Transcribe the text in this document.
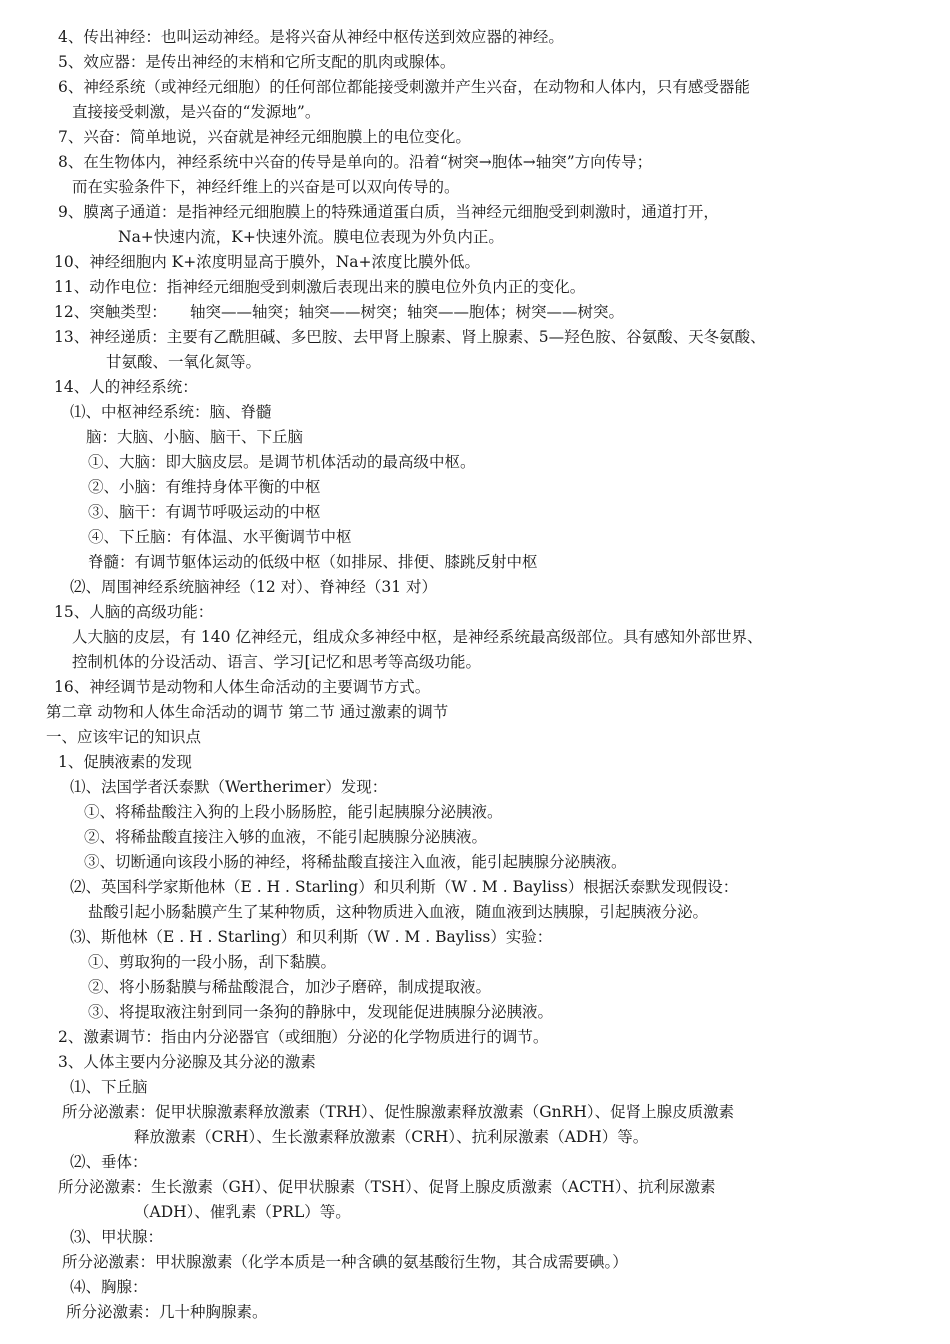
4、传出神经：也叫运动神经。是将兴奋从神经中枢传送到效应器的神经。
5、效应器：是传出神经的末梢和它所支配的肌肉或腺体。
6、神经系统（或神经元细胞）的任何部位都能接受刺激并产生兴奋，在动物和人体内，只有感受器能
直接接受刺激，是兴奋的“发源地”。
7、兴奋：简单地说，兴奋就是神经元细胞膜上的电位变化。
8、在生物体内，神经系统中兴奋的传导是单向的。沿着“树突→胞体→轴突”方向传导；
而在实验条件下，神经纤维上的兴奋是可以双向传导的。
9、膜离子通道：是指神经元细胞膜上的特殊通道蛋白质，当神经元细胞受到刺激时，通道打开，
Na+快速内流，K+快速外流。膜电位表现为外负内正。
10、神经细胞内 K+浓度明显高于膜外，Na+浓度比膜外低。
11、动作电位：指神经元细胞受到刺激后表现出来的膜电位外负内正的变化。
12、突触类型：　　轴突——轴突；轴突——树突；轴突——胞体；树突——树突。
13、神经递质：主要有乙酰胆碱、多巴胺、去甲肾上腺素、肾上腺素、5—羟色胺、谷氨酸、天冬氨酸、
甘氨酸、一氧化氮等。
14、人的神经系统：
⑴、中枢神经系统：脑、脊髓
脑：大脑、小脑、脑干、下丘脑
①、大脑：即大脑皮层。是调节机体活动的最高级中枢。
②、小脑：有维持身体平衡的中枢
③、脑干：有调节呼吸运动的中枢
④、下丘脑：有体温、水平衡调节中枢
脊髓：有调节躯体运动的低级中枢（如排尿、排便、膝跳反射中枢
⑵、周围神经系统脑神经（12 对）、脊神经（31 对）
15、人脑的高级功能：
人大脑的皮层，有 140 亿神经元，组成众多神经中枢，是神经系统最高级部位。具有感知外部世界、
控制机体的分设活动、语言、学习[记忆和思考等高级功能。
16、神经调节是动物和人体生命活动的主要调节方式。
第二章 动物和人体生命活动的调节 第二节 通过激素的调节
一、应该牢记的知识点
1、促胰液素的发现
⑴、法国学者沃泰默（Wertherimer）发现：
①、将稀盐酸注入狗的上段小肠肠腔，能引起胰腺分泌胰液。
②、将稀盐酸直接注入够的血液，不能引起胰腺分泌胰液。
③、切断通向该段小肠的神经，将稀盐酸直接注入血液，能引起胰腺分泌胰液。
⑵、英国科学家斯他林（E . H . Starling）和贝利斯（W . M . Bayliss）根据沃泰默发现假设：
盐酸引起小肠黏膜产生了某种物质，这种物质进入血液，随血液到达胰腺，引起胰液分泌。
⑶、斯他林（E . H . Starling）和贝利斯（W . M . Bayliss）实验：
①、剪取狗的一段小肠，刮下黏膜。
②、将小肠黏膜与稀盐酸混合，加沙子磨碎，制成提取液。
③、将提取液注射到同一条狗的静脉中，发现能促进胰腺分泌胰液。
2、激素调节：指由内分泌器官（或细胞）分泌的化学物质进行的调节。
3、人体主要内分泌腺及其分泌的激素
⑴、下丘脑
所分泌激素：促甲状腺激素释放激素（TRH）、促性腺激素释放激素（GnRH）、促肾上腺皮质激素
释放激素（CRH）、生长激素释放激素（CRH）、抗利尿激素（ADH）等。
⑵、垂体：
所分泌激素：生长激素（GH）、促甲状腺素（TSH）、促肾上腺皮质激素（ACTH）、抗利尿激素
（ADH）、催乳素（PRL）等。
⑶、甲状腺：
所分泌激素：甲状腺激素（化学本质是一种含碘的氨基酸衍生物，其合成需要碘。）
⑷、胸腺：
所分泌激素：几十种胸腺素。
